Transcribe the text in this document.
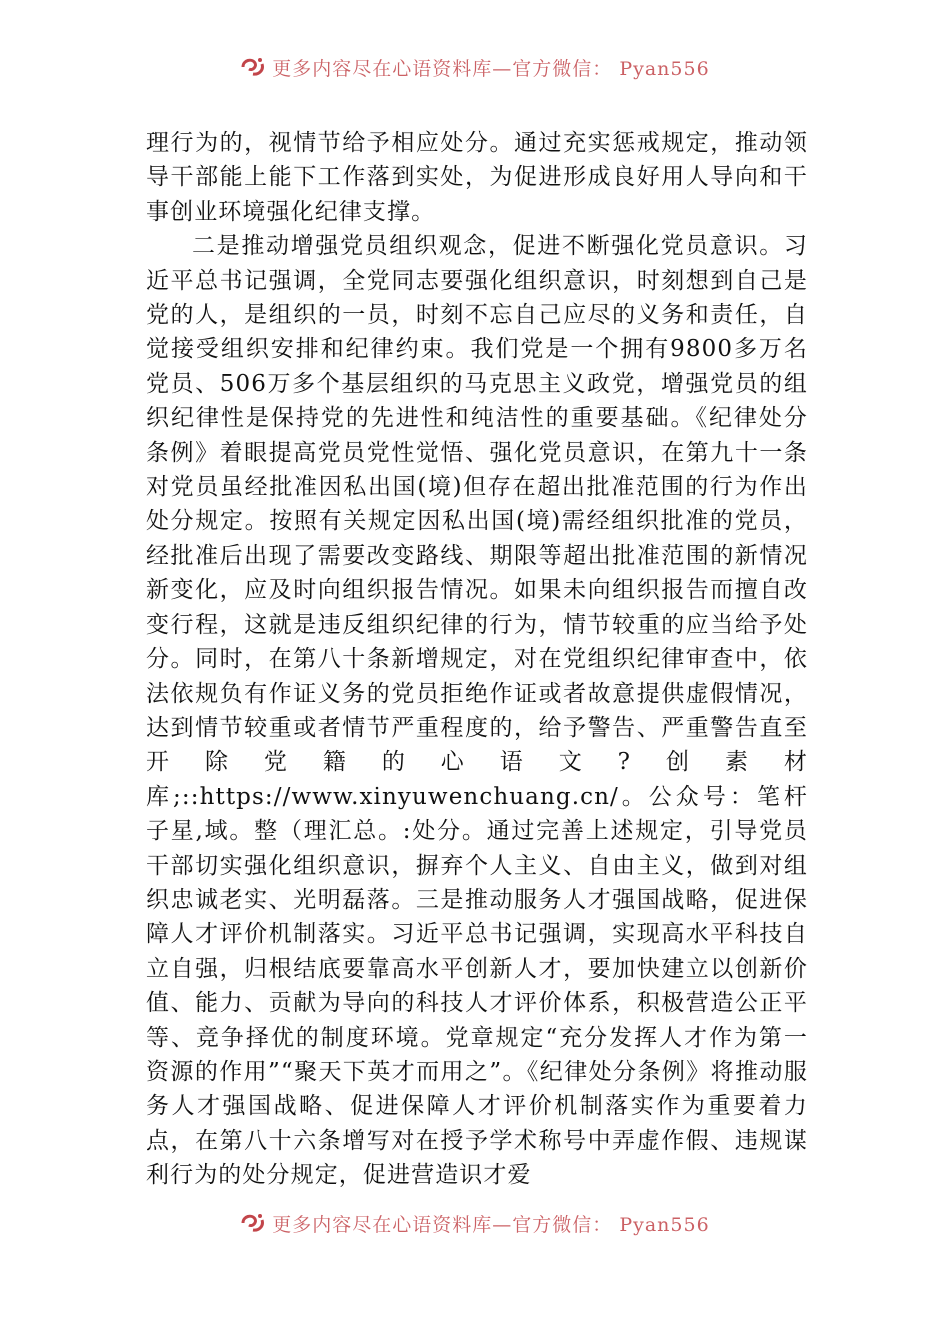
更多内容尽在心语资料库—官方微信： Pyan556

理行为的，视情节给予相应处分。通过充实惩戒规定，推动领导干部能上能下工作落到实处，为促进形成良好用人导向和干事创业环境强化纪律支撑。

二是推动增强党员组织观念，促进不断强化党员意识。习近平总书记强调，全党同志要强化组织意识，时刻想到自己是党的人，是组织的一员，时刻不忘自己应尽的义务和责任，自觉接受组织安排和纪律约束。我们党是一个拥有9800多万名党员、506万多个基层组织的马克思主义政党，增强党员的组织纪律性是保持党的先进性和纯洁性的重要基础。《纪律处分条例》着眼提高党员党性觉悟、强化党员意识，在第九十一条对党员虽经批准因私出国(境)但存在超出批准范围的行为作出处分规定。按照有关规定因私出国(境)需经组织批准的党员，经批准后出现了需要改变路线、期限等超出批准范围的新情况新变化，应及时向组织报告情况。如果未向组织报告而擅自改变行程，这就是违反组织纪律的行为，情节较重的应当给予处分。同时，在第八十条新增规定，对在党组织纪律审查中，依法依规负有作证义务的党员拒绝作证或者故意提供虚假情况，达到情节较重或者情节严重程度的，给予警告、严重警告直至开除党籍的心语文?创素材库;::https://www.xinyuwenchuang.cn/。公众号：笔杆子星,域。整（理汇总。:处分。通过完善上述规定，引导党员干部切实强化组织意识，摒弃个人主义、自由主义，做到对组织忠诚老实、光明磊落。三是推动服务人才强国战略，促进保障人才评价机制落实。习近平总书记强调，实现高水平科技自立自强，归根结底要靠高水平创新人才，要加快建立以创新价值、能力、贡献为导向的科技人才评价体系，积极营造公正平等、竞争择优的制度环境。党章规定“充分发挥人才作为第一资源的作用”“聚天下英才而用之”。《纪律处分条例》将推动服务人才强国战略、促进保障人才评价机制落实作为重要着力点，在第八十六条增写对在授予学术称号中弄虚作假、违规谋利行为的处分规定，促进营造识才爱

更多内容尽在心语资料库—官方微信： Pyan556
